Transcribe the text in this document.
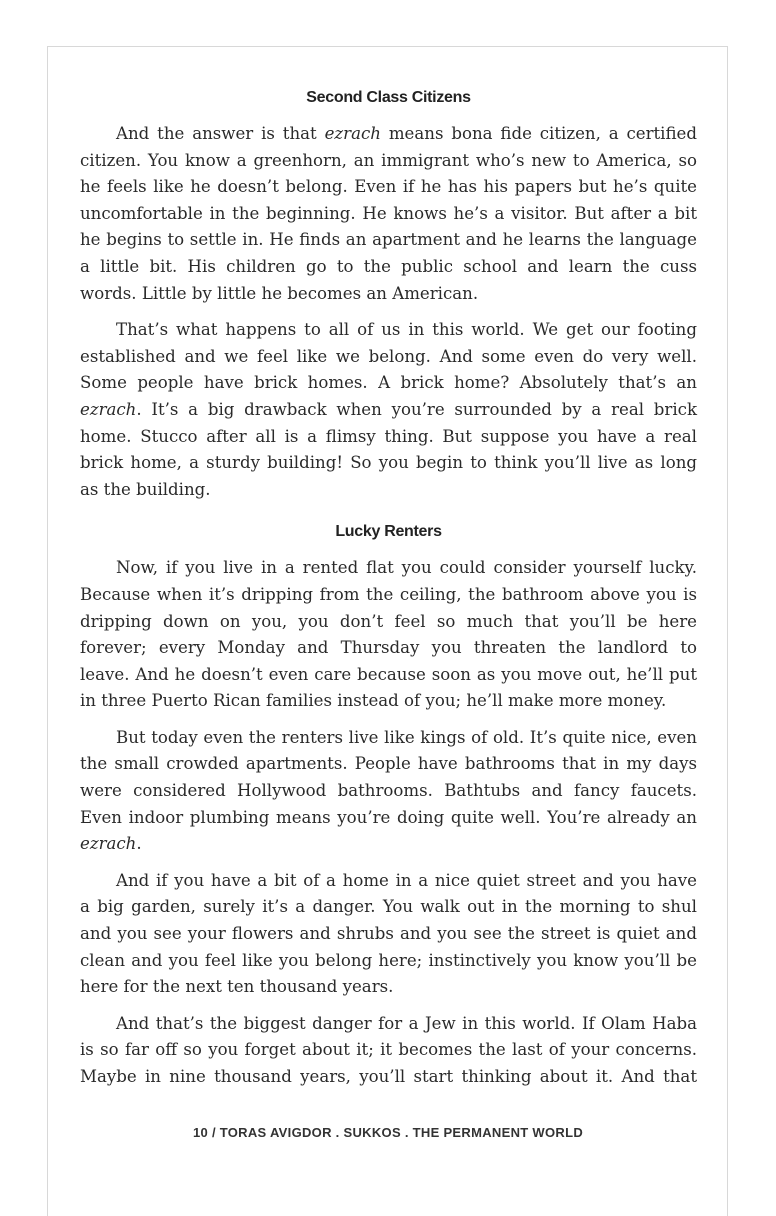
Second Class Citizens
And the answer is that ezrach means bona fide citizen, a certified
citizen. You know a greenhorn, an immigrant who’s new to America, so
he feels like he doesn’t belong. Even if he has his papers but he’s quite
uncomfortable in the beginning. He knows he’s a visitor. But after a bit
he begins to settle in. He finds an apartment and he learns the language
a little bit. His children go to the public school and learn the cuss
words. Little by little he becomes an American.
That’s what happens to all of us in this world. We get our footing
established and we feel like we belong. And some even do very well.
Some people have brick homes. A brick home? Absolutely that’s an
ezrach. It’s a big drawback when you’re surrounded by a real brick
home. Stucco after all is a flimsy thing. But suppose you have a real
brick home, a sturdy building! So you begin to think you’ll live as long
as the building.
Lucky Renters
Now, if you live in a rented flat you could consider yourself lucky.
Because when it’s dripping from the ceiling, the bathroom above you is
dripping down on you, you don’t feel so much that you’ll be here
forever; every Monday and Thursday you threaten the landlord to
leave. And he doesn’t even care because soon as you move out, he’ll put
in three Puerto Rican families instead of you; he’ll make more money.
But today even the renters live like kings of old. It’s quite nice, even
the small crowded apartments. People have bathrooms that in my days
were considered Hollywood bathrooms. Bathtubs and fancy faucets.
Even indoor plumbing means you’re doing quite well. You’re already an
ezrach.
And if you have a bit of a home in a nice quiet street and you have
a big garden, surely it’s a danger. You walk out in the morning to shul
and you see your flowers and shrubs and you see the street is quiet and
clean and you feel like you belong here; instinctively you know you’ll be
here for the next ten thousand years.
And that’s the biggest danger for a Jew in this world. If Olam Haba
is so far off so you forget about it; it becomes the last of your concerns.
Maybe in nine thousand years, you’ll start thinking about it. And that
10 / TORAS AVIGDOR . SUKKOS . THE PERMANENT WORLD
